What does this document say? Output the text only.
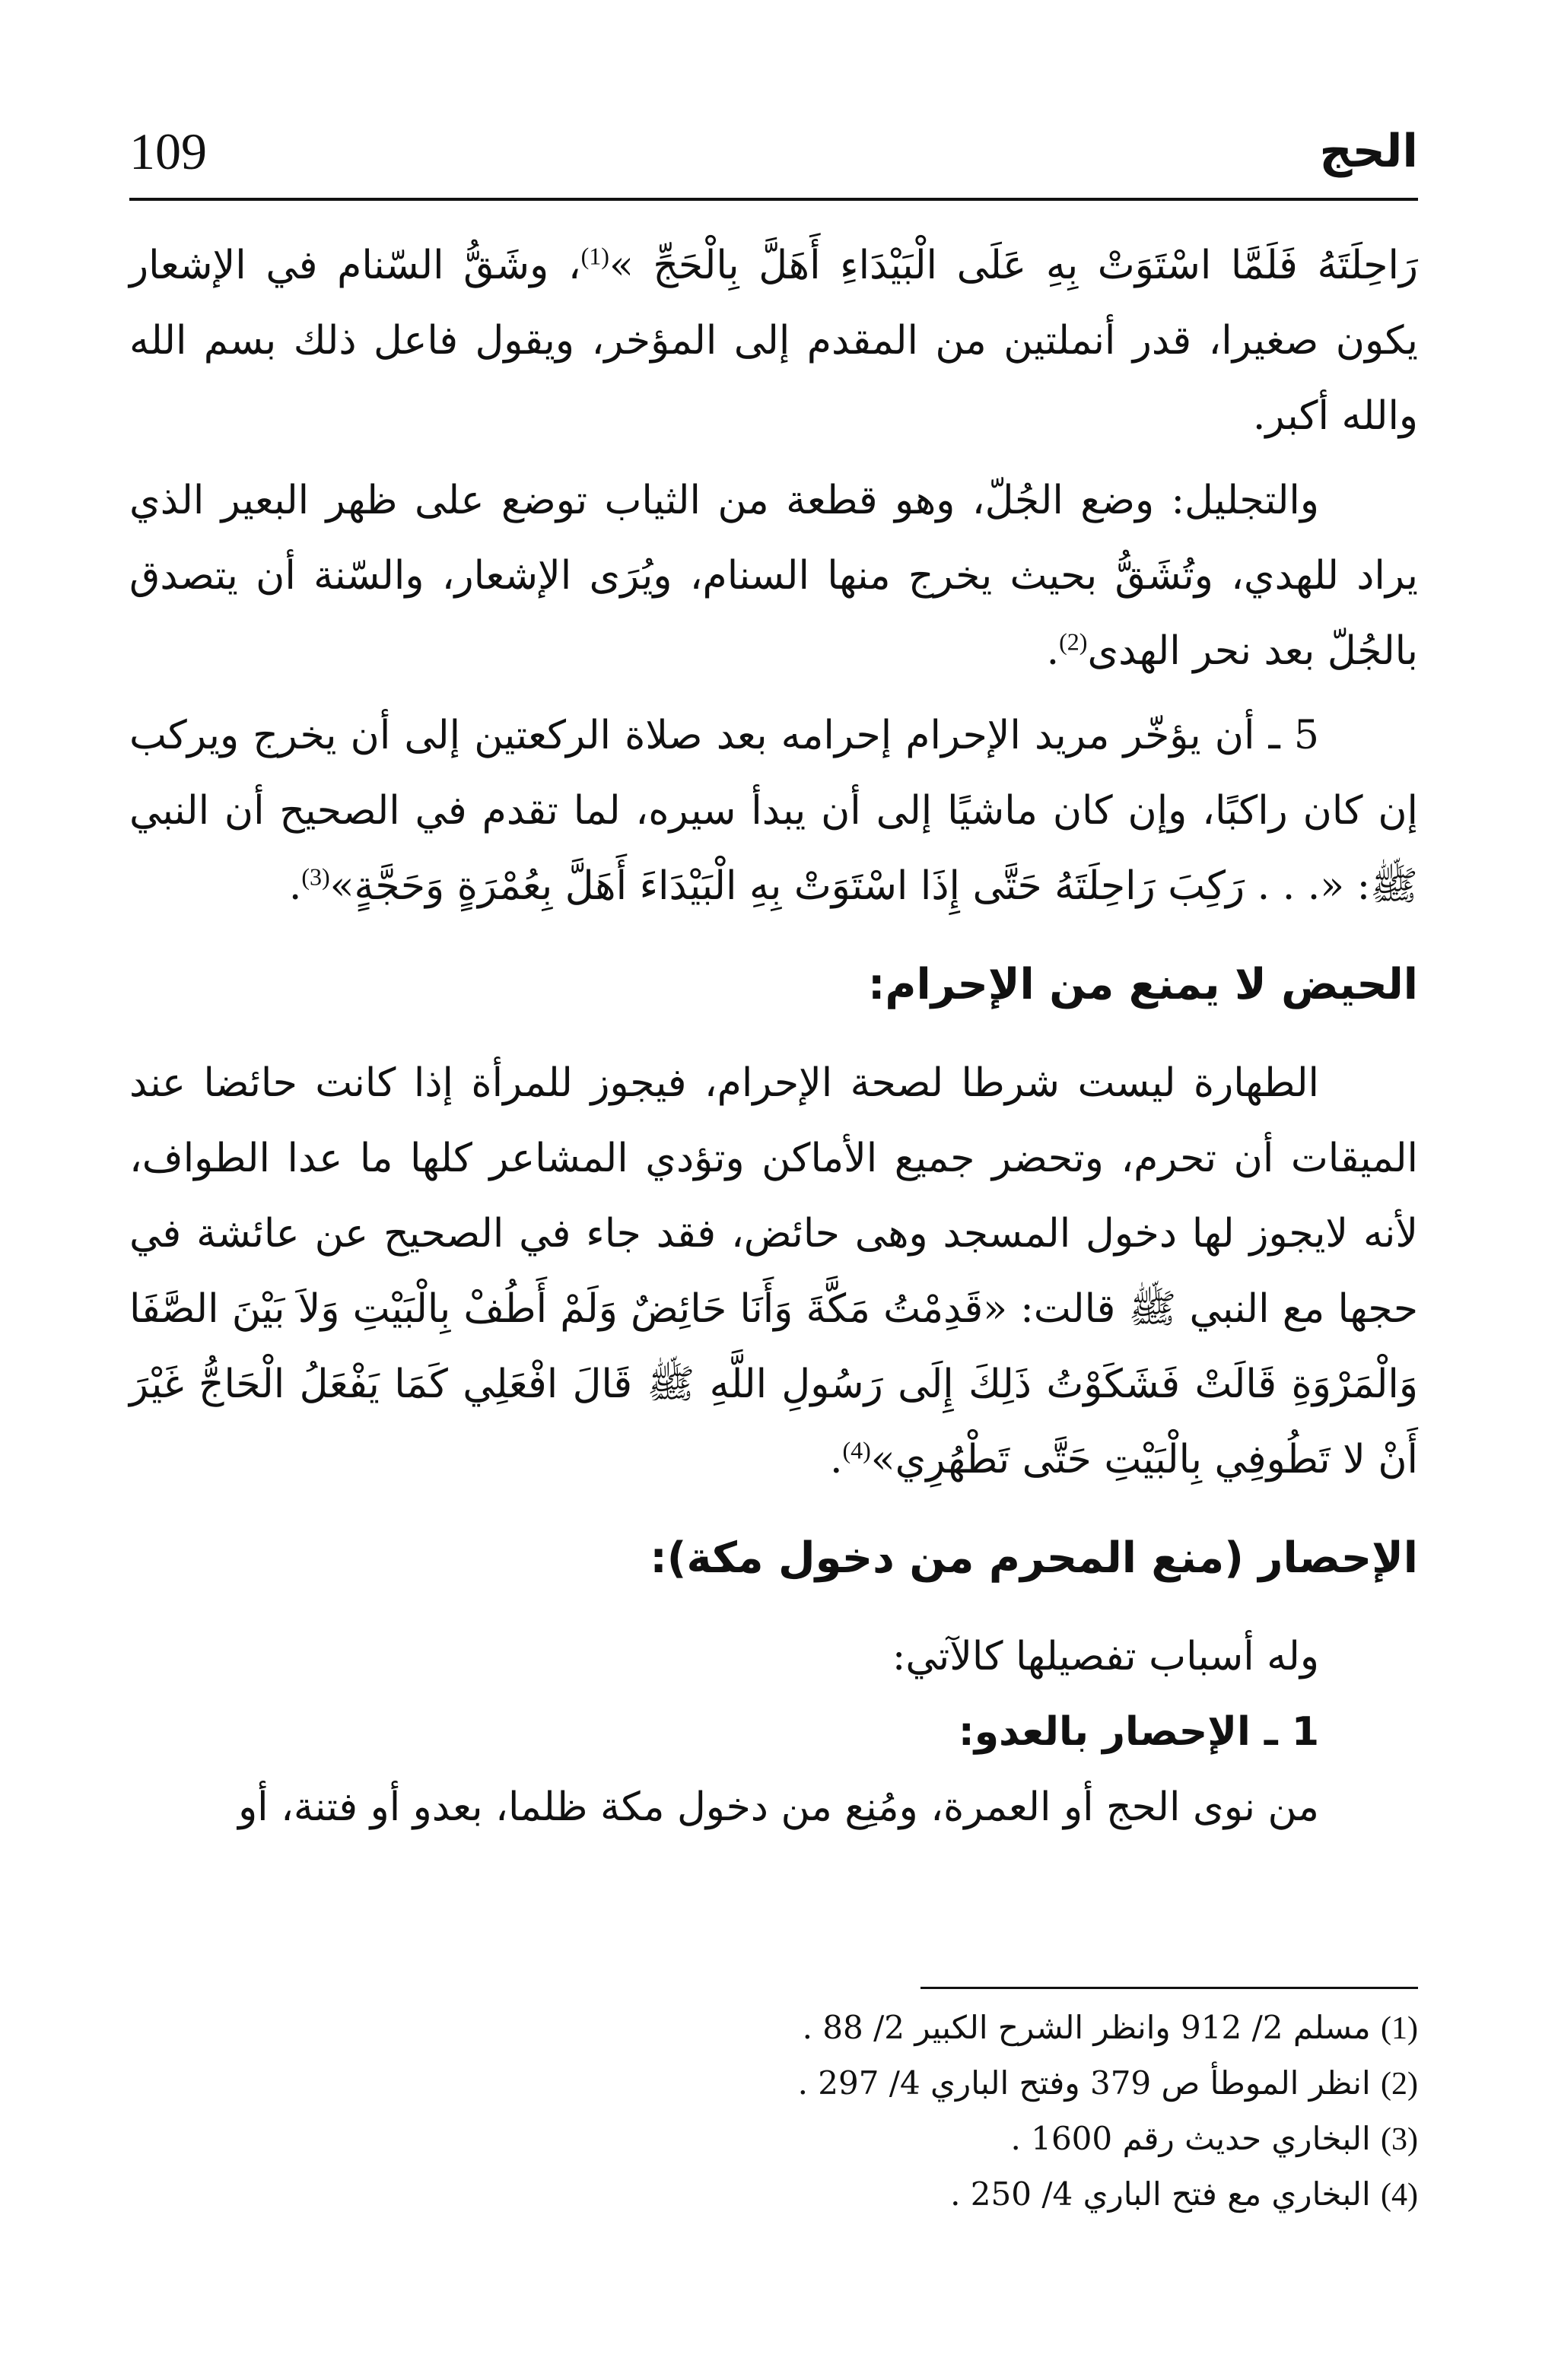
109	الحج

رَاحِلَتَهُ فَلَمَّا اسْتَوَتْ بِهِ عَلَى الْبَيْدَاءِ أَهَلَّ بِالْحَجِّ »$^{(1)}$، وشَقُّ السّنام في الإشعار يكون صغيرا، قدر أنملتين من المقدم إلى المؤخر، ويقول فاعل ذلك بسم الله والله أكبر.

والتجليل: وضع الجُلّ، وهو قطعة من الثياب توضع على ظهر البعير الذي يراد للهدي، وتُشَقُّ بحيث يخرج منها السنام، ويُرَى الإشعار، والسّنة أن يتصدق بالجُلّ بعد نحر الهدى$^{(2)}$.

5 ـ أن يؤخّر مريد الإحرام إحرامه بعد صلاة الركعتين إلى أن يخرج ويركب إن كان راكبًا، وإن كان ماشيًا إلى أن يبدأ سيره، لما تقدم في الصحيح أن النبي ﷺ: «. . . رَكِبَ رَاحِلَتَهُ حَتَّى إِذَا اسْتَوَتْ بِهِ الْبَيْدَاءَ أَهَلَّ بِعُمْرَةٍ وَحَجَّةٍ»$^{(3)}$.

الحيض لا يمنع من الإحرام:

الطهارة ليست شرطا لصحة الإحرام، فيجوز للمرأة إذا كانت حائضا عند الميقات أن تحرم، وتحضر جميع الأماكن وتؤدي المشاعر كلها ما عدا الطواف، لأنه لايجوز لها دخول المسجد وهى حائض، فقد جاء في الصحيح عن عائشة في حجها مع النبي ﷺ قالت: «قَدِمْتُ مَكَّةَ وَأَنَا حَائِضٌ وَلَمْ أَطُفْ بِالْبَيْتِ وَلاَ بَيْنَ الصَّفَا وَالْمَرْوَةِ قَالَتْ فَشَكَوْتُ ذَلِكَ إِلَى رَسُولِ اللَّهِ ﷺ قَالَ افْعَلِي كَمَا يَفْعَلُ الْحَاجُّ غَيْرَ أَنْ لا تَطُوفِي بِالْبَيْتِ حَتَّى تَطْهُرِي»$^{(4)}$.

الإحصار (منع المحرم من دخول مكة):

وله أسباب تفصيلها كالآتي:

1 ـ الإحصار بالعدو:

من نوى الحج أو العمرة، ومُنِع من دخول مكة ظلما، بعدو أو فتنة، أو

(1) مسلم 2/ 912 وانظر الشرح الكبير 2/ 88 .

(2) انظر الموطأ ص 379 وفتح الباري 4/ 297 .

(3) البخاري حديث رقم 1600 .

(4) البخاري مع فتح الباري 4/ 250 .
